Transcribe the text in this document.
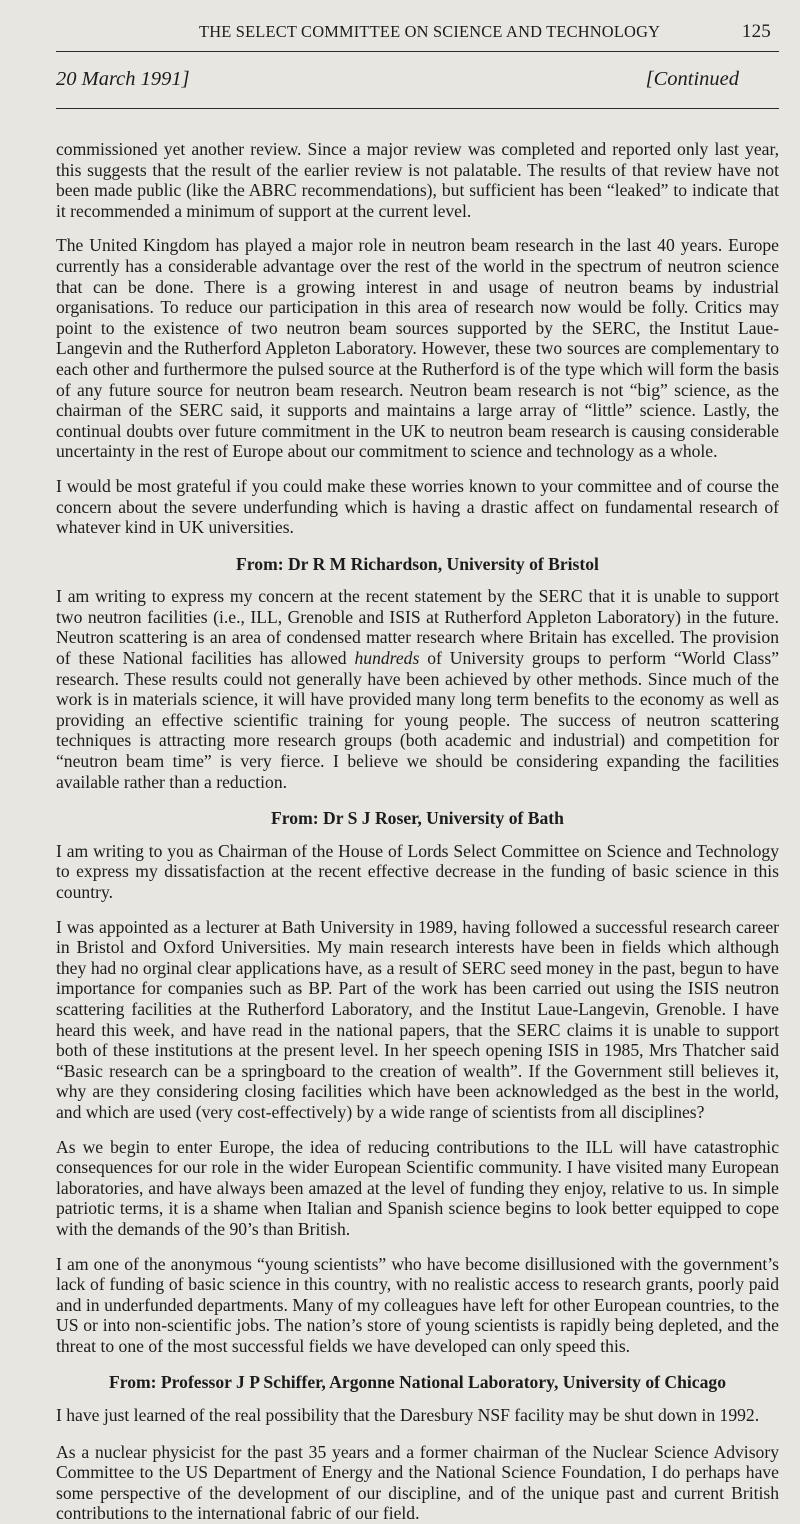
THE SELECT COMMITTEE ON SCIENCE AND TECHNOLOGY	125
20 March 1991]	[Continued

commissioned yet another review. Since a major review was completed and reported only last year, this suggests that the result of the earlier review is not palatable. The results of that review have not been made public (like the ABRC recommendations), but sufficient has been “leaked” to indicate that it recommended a minimum of support at the current level.

The United Kingdom has played a major role in neutron beam research in the last 40 years. Europe currently has a considerable advantage over the rest of the world in the spectrum of neutron science that can be done. There is a growing interest in and usage of neutron beams by industrial organisations. To reduce our participation in this area of research now would be folly. Critics may point to the existence of two neutron beam sources supported by the SERC, the Institut Laue-Langevin and the Rutherford Appleton Laboratory. However, these two sources are complementary to each other and furthermore the pulsed source at the Rutherford is of the type which will form the basis of any future source for neutron beam research. Neutron beam research is not “big” science, as the chairman of the SERC said, it supports and maintains a large array of “little” science. Lastly, the continual doubts over future commitment in the UK to neutron beam research is causing considerable uncertainty in the rest of Europe about our commitment to science and technology as a whole.

I would be most grateful if you could make these worries known to your committee and of course the concern about the severe underfunding which is having a drastic affect on fundamental research of whatever kind in UK universities.

From: Dr R M Richardson, University of Bristol

I am writing to express my concern at the recent statement by the SERC that it is unable to support two neutron facilities (i.e., ILL, Grenoble and ISIS at Rutherford Appleton Laboratory) in the future. Neutron scattering is an area of condensed matter research where Britain has excelled. The provision of these National facilities has allowed hundreds of University groups to perform “World Class” research. These results could not generally have been achieved by other methods. Since much of the work is in materials science, it will have provided many long term benefits to the economy as well as providing an effective scientific training for young people. The success of neutron scattering techniques is attracting more research groups (both academic and industrial) and competition for “neutron beam time” is very fierce. I believe we should be considering expanding the facilities available rather than a reduction.

From: Dr S J Roser, University of Bath

I am writing to you as Chairman of the House of Lords Select Committee on Science and Technology to express my dissatisfaction at the recent effective decrease in the funding of basic science in this country.

I was appointed as a lecturer at Bath University in 1989, having followed a successful research career in Bristol and Oxford Universities. My main research interests have been in fields which although they had no orginal clear applications have, as a result of SERC seed money in the past, begun to have importance for companies such as BP. Part of the work has been carried out using the ISIS neutron scattering facilities at the Rutherford Laboratory, and the Institut Laue-Langevin, Grenoble. I have heard this week, and have read in the national papers, that the SERC claims it is unable to support both of these institutions at the present level. In her speech opening ISIS in 1985, Mrs Thatcher said “Basic research can be a springboard to the creation of wealth”. If the Government still believes it, why are they considering closing facilities which have been acknowledged as the best in the world, and which are used (very cost-effectively) by a wide range of scientists from all disciplines?

As we begin to enter Europe, the idea of reducing contributions to the ILL will have catastrophic consequences for our role in the wider European Scientific community. I have visited many European laboratories, and have always been amazed at the level of funding they enjoy, relative to us. In simple patriotic terms, it is a shame when Italian and Spanish science begins to look better equipped to cope with the demands of the 90’s than British.

I am one of the anonymous “young scientists” who have become disillusioned with the government’s lack of funding of basic science in this country, with no realistic access to research grants, poorly paid and in underfunded departments. Many of my colleagues have left for other European countries, to the US or into non-scientific jobs. The nation’s store of young scientists is rapidly being depleted, and the threat to one of the most successful fields we have developed can only speed this.

From: Professor J P Schiffer, Argonne National Laboratory, University of Chicago

I have just learned of the real possibility that the Daresbury NSF facility may be shut down in 1992.

As a nuclear physicist for the past 35 years and a former chairman of the Nuclear Science Advisory Committee to the US Department of Energy and the National Science Foundation, I do perhaps have some perspective of the development of our discipline, and of the unique past and current British contributions to the international fabric of our field.
